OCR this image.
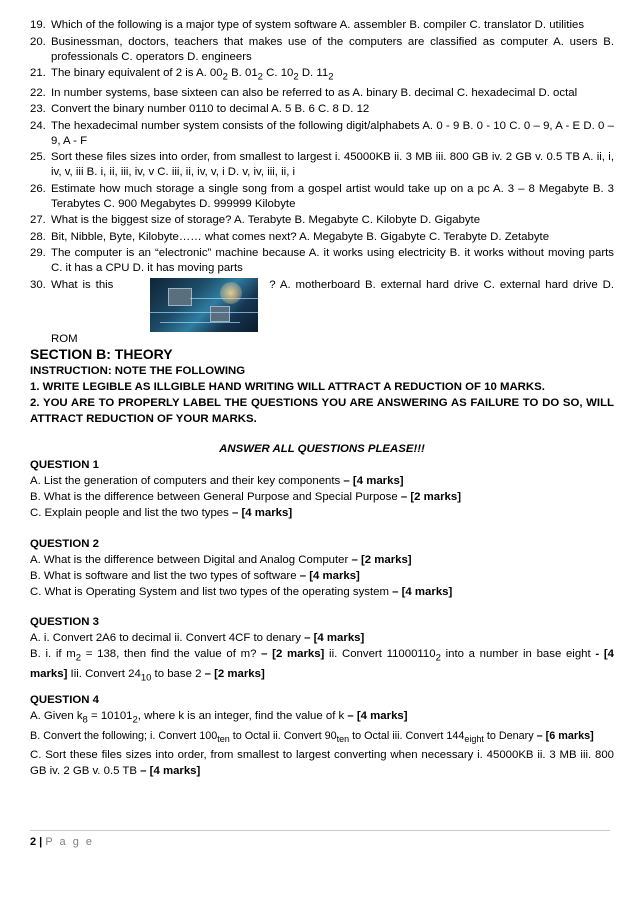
19. Which of the following is a major type of system software A. assembler B. compiler C. translator D. utilities
20. Businessman, doctors, teachers that makes use of the computers are classified as computer A. users B. professionals C. operators D. engineers
21. The binary equivalent of 2 is A. $00_2$ B. $01_2$ C. $10_2$ D. $11_2$
22. In number systems, base sixteen can also be referred to as A. binary B. decimal C. hexadecimal D. octal
23. Convert the binary number 0110 to decimal A. 5 B. 6 C. 8 D. 12
24. The hexadecimal number system consists of the following digit/alphabets A. 0 - 9 B. 0 - 10 C. 0 – 9, A - E D. 0 – 9, A - F
25. Sort these files sizes into order, from smallest to largest i. 45000KB ii. 3 MB iii. 800 GB iv. 2 GB v. 0.5 TB A. ii, i, iv, v, iii B. i, ii, iii, iv, v C. iii, ii, iv, v, i D. v, iv, iii, ii, i
26. Estimate how much storage a single song from a gospel artist would take up on a pc A. 3 – 8 Megabyte B. 3 Terabytes C. 900 Megabytes D. 999999 Kilobyte
27. What is the biggest size of storage? A. Terabyte B. Megabyte C. Kilobyte D. Gigabyte
28. Bit, Nibble, Byte, Kilobyte…… what comes next? A. Megabyte B. Gigabyte C. Terabyte D. Zetabyte
29. The computer is an “electronic” machine because A. it works using electricity B. it works without moving parts C. it has a CPU D. it has moving parts
30. What is this	? A. motherboard B. external hard drive C. external hard drive D. ROM
SECTION B: THEORY
INSTRUCTION: NOTE THE FOLLOWING
1. WRITE LEGIBLE AS ILLGIBLE HAND WRITING WILL ATTRACT A REDUCTION OF 10 MARKS.
2. YOU ARE TO PROPERLY LABEL THE QUESTIONS YOU ARE ANSWERING AS FAILURE TO DO SO, WILL ATTRACT REDUCTION OF YOUR MARKS.
ANSWER ALL QUESTIONS PLEASE!!!
QUESTION 1
A. List the generation of computers and their key components – [4 marks]
B. What is the difference between General Purpose and Special Purpose – [2 marks]
C. Explain people and list the two types – [4 marks]
QUESTION 2
A. What is the difference between Digital and Analog Computer – [2 marks]
B. What is software and list the two types of software – [4 marks]
C. What is Operating System and list two types of the operating system – [4 marks]
QUESTION 3
A. i. Convert 2A6 to decimal ii. Convert 4CF to denary – [4 marks]
B. i. if $m_2 = 138$, then find the value of m? – [2 marks] ii. Convert $11000110_2$ into a number in base eight - [4 marks] Iii. Convert $24_{10}$ to base 2 – [2 marks]
QUESTION 4
A. Given $k_8 = 10101_2$, where k is an integer, find the value of k – [4 marks]
B. Convert the following; i. Convert $100_{ten}$ to Octal ii. Convert $90_{ten}$ to Octal iii. Convert $144_{eight}$ to Denary – [6 marks]
C. Sort these files sizes into order, from smallest to largest converting when necessary i. 45000KB ii. 3 MB iii. 800 GB iv. 2 GB v. 0.5 TB – [4 marks]
2 | P a g e
